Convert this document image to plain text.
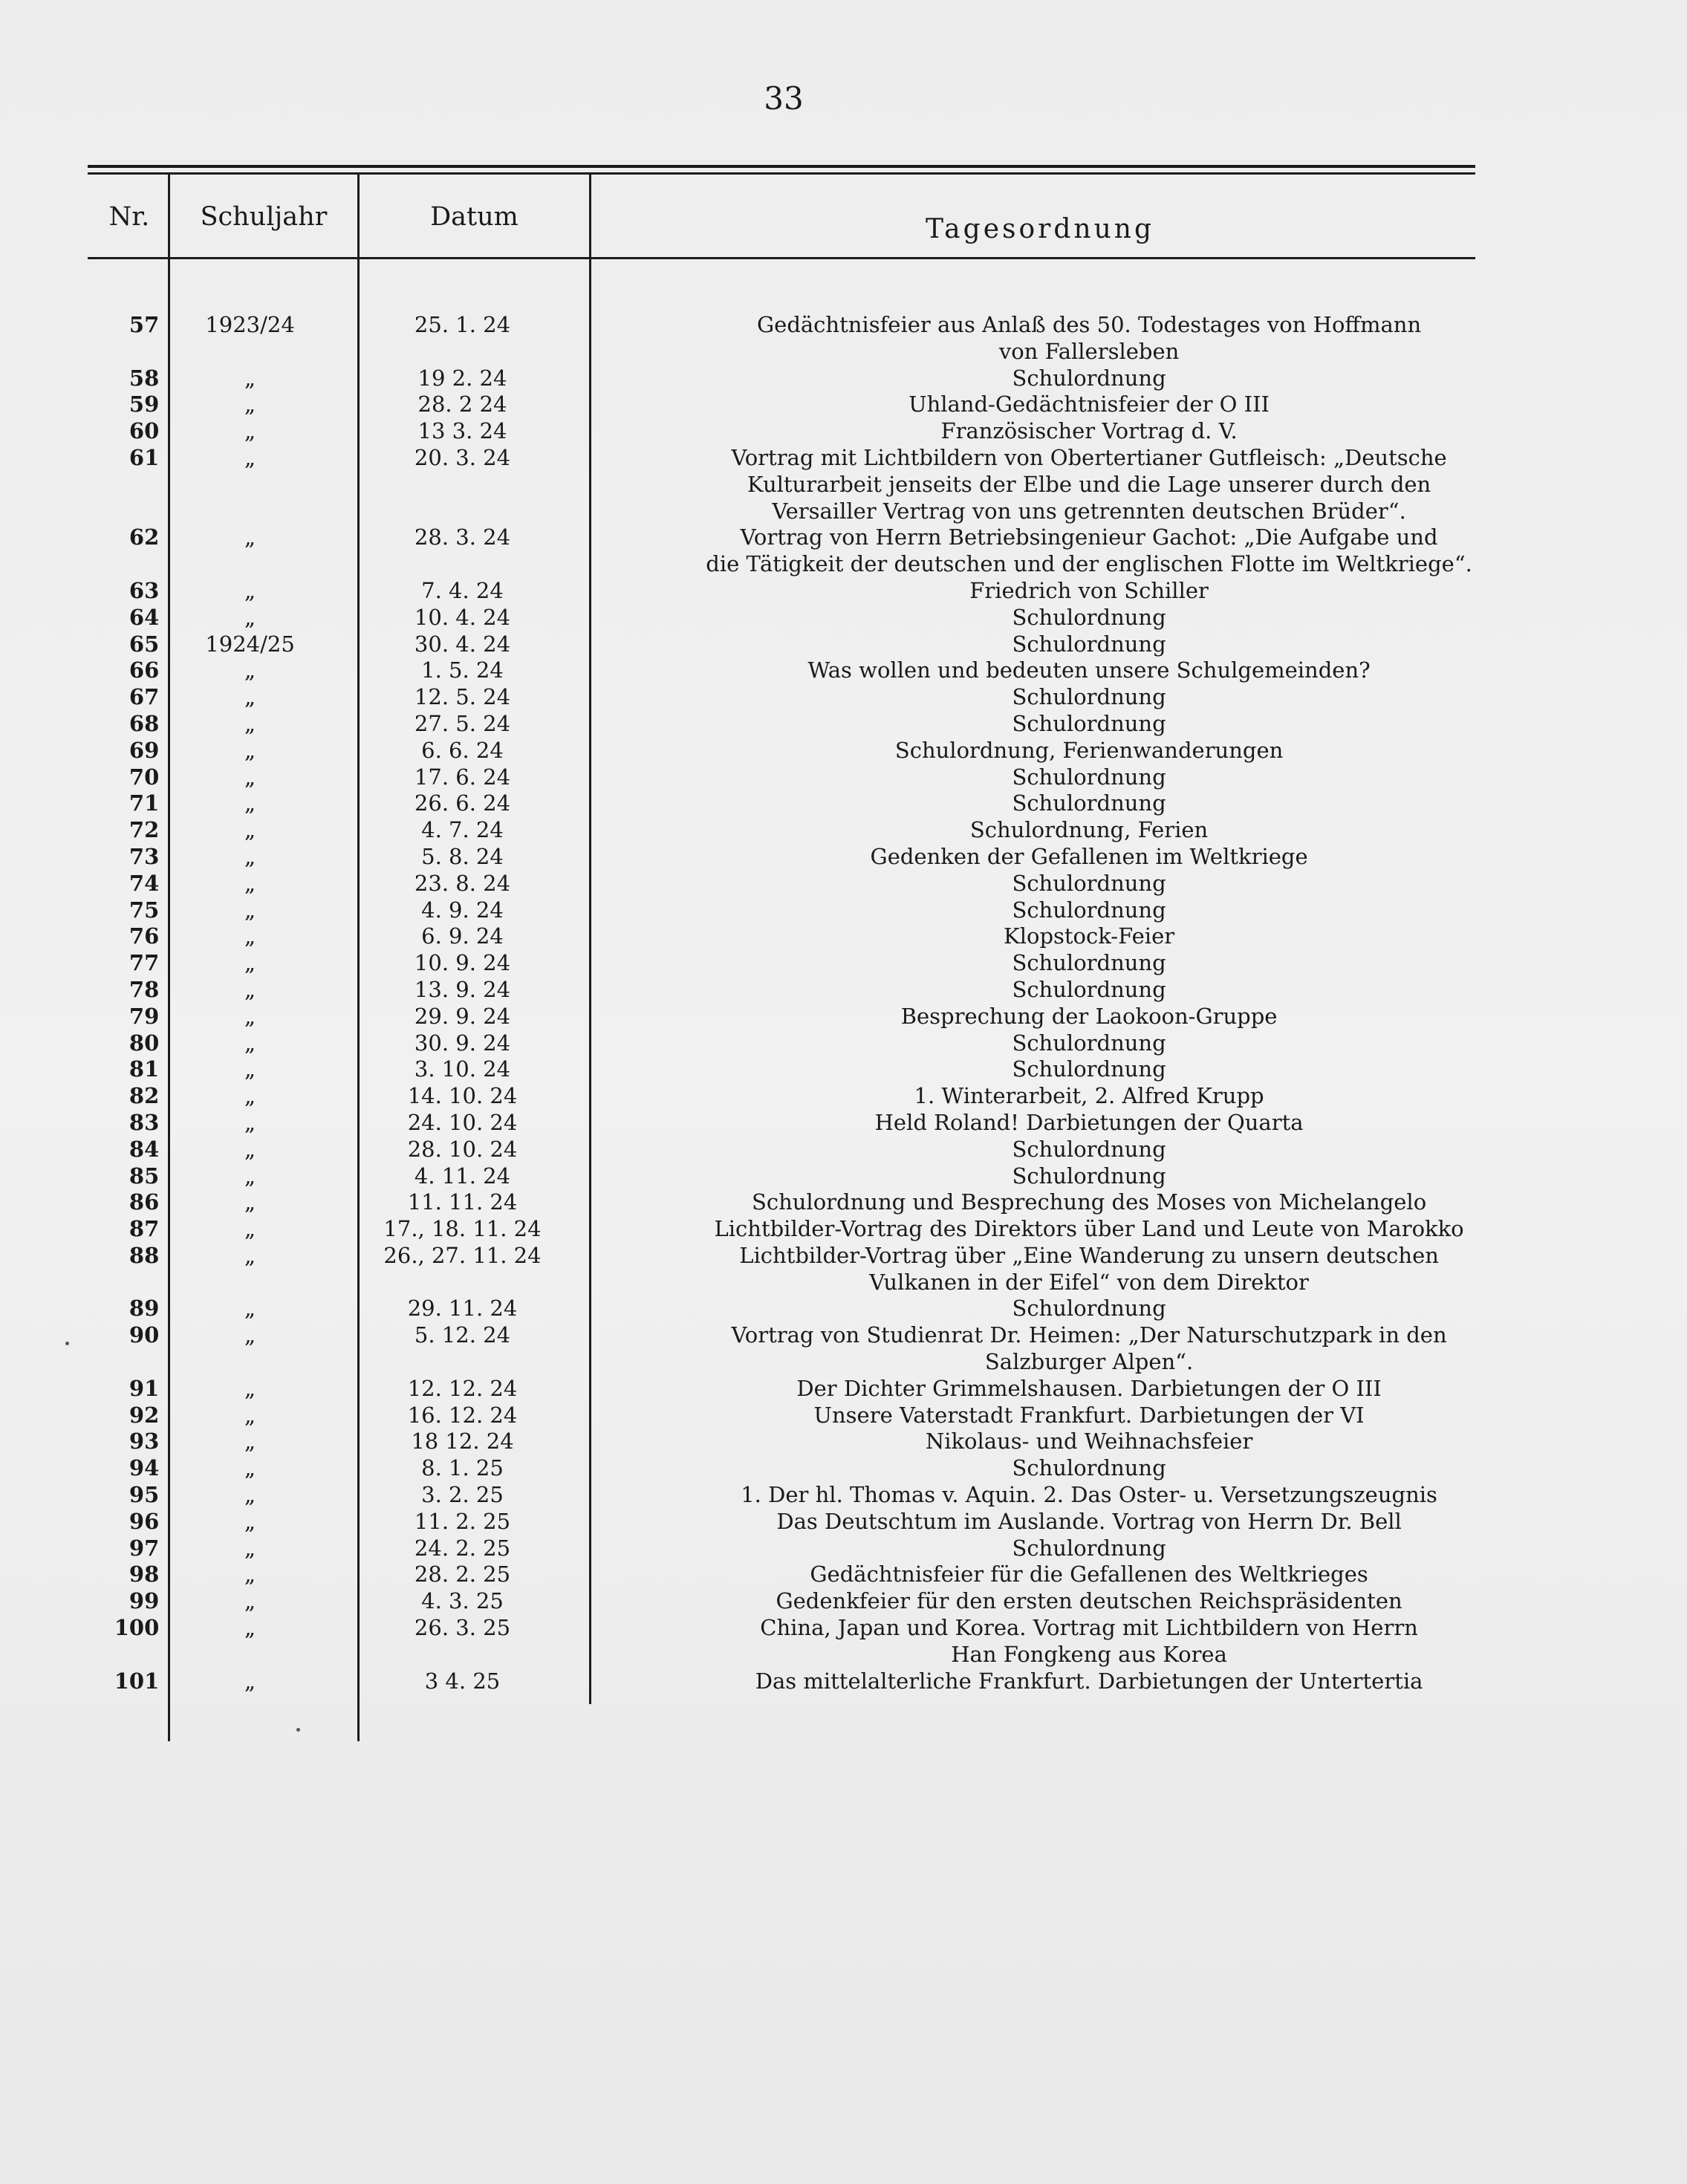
33
Nr.	Schuljahr	Datum	Tagesordnung
57	1923/24	25. 1. 24	Gedächtnisfeier aus Anlaß des 50. Todestages von Hoffmann
von Fallersleben
58	„	19 2. 24	Schulordnung
59	„	28. 2 24	Uhland-Gedächtnisfeier der O III
60	„	13 3. 24	Französischer Vortrag d. V.
61	„	20. 3. 24	Vortrag mit Lichtbildern von Obertertianer Gutfleisch: „Deutsche
Kulturarbeit jenseits der Elbe und die Lage unserer durch den
Versailler Vertrag von uns getrennten deutschen Brüder“.
62	„	28. 3. 24	Vortrag von Herrn Betriebsingenieur Gachot: „Die Aufgabe und
die Tätigkeit der deutschen und der englischen Flotte im Weltkriege“.
63	„	7. 4. 24	Friedrich von Schiller
64	„	10. 4. 24	Schulordnung
65	1924/25	30. 4. 24	Schulordnung
66	„	1. 5. 24	Was wollen und bedeuten unsere Schulgemeinden?
67	„	12. 5. 24	Schulordnung
68	„	27. 5. 24	Schulordnung
69	„	6. 6. 24	Schulordnung, Ferienwanderungen
70	„	17. 6. 24	Schulordnung
71	„	26. 6. 24	Schulordnung
72	„	4. 7. 24	Schulordnung, Ferien
73	„	5. 8. 24	Gedenken der Gefallenen im Weltkriege
74	„	23. 8. 24	Schulordnung
75	„	4. 9. 24	Schulordnung
76	„	6. 9. 24	Klopstock-Feier
77	„	10. 9. 24	Schulordnung
78	„	13. 9. 24	Schulordnung
79	„	29. 9. 24	Besprechung der Laokoon-Gruppe
80	„	30. 9. 24	Schulordnung
81	„	3. 10. 24	Schulordnung
82	„	14. 10. 24	1. Winterarbeit, 2. Alfred Krupp
83	„	24. 10. 24	Held Roland! Darbietungen der Quarta
84	„	28. 10. 24	Schulordnung
85	„	4. 11. 24	Schulordnung
86	„	11. 11. 24	Schulordnung und Besprechung des Moses von Michelangelo
87	„	17., 18. 11. 24	Lichtbilder-Vortrag des Direktors über Land und Leute von Marokko
88	„	26., 27. 11. 24	Lichtbilder-Vortrag über „Eine Wanderung zu unsern deutschen
Vulkanen in der Eifel“ von dem Direktor
89	„	29. 11. 24	Schulordnung
90	„	5. 12. 24	Vortrag von Studienrat Dr. Heimen: „Der Naturschutzpark in den
Salzburger Alpen“.
91	„	12. 12. 24	Der Dichter Grimmelshausen. Darbietungen der O III
92	„	16. 12. 24	Unsere Vaterstadt Frankfurt. Darbietungen der VI
93	„	18 12. 24	Nikolaus- und Weihnachsfeier
94	„	8. 1. 25	Schulordnung
95	„	3. 2. 25	1. Der hl. Thomas v. Aquin. 2. Das Oster- u. Versetzungszeugnis
96	„	11. 2. 25	Das Deutschtum im Auslande. Vortrag von Herrn Dr. Bell
97	„	24. 2. 25	Schulordnung
98	„	28. 2. 25	Gedächtnisfeier für die Gefallenen des Weltkrieges
99	„	4. 3. 25	Gedenkfeier für den ersten deutschen Reichspräsidenten
100	„	26. 3. 25	China, Japan und Korea. Vortrag mit Lichtbildern von Herrn
Han Fongkeng aus Korea
101	„	3 4. 25	Das mittelalterliche Frankfurt. Darbietungen der Untertertia
